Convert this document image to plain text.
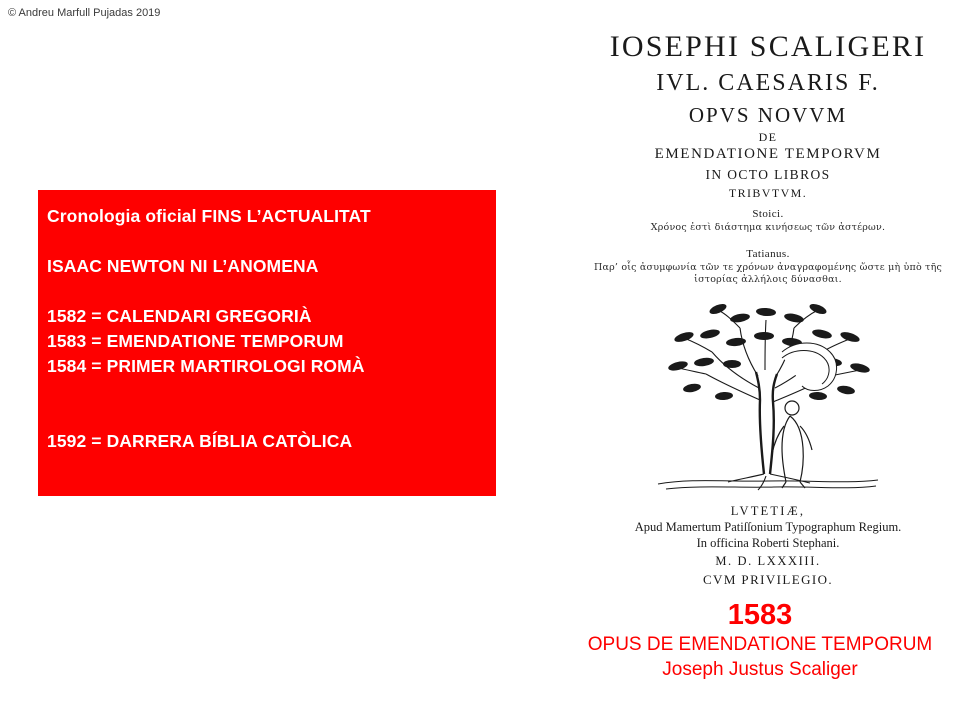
© Andreu Marfull Pujadas 2019

Cronologia oficial FINS L’ACTUALITAT

ISAAC NEWTON NI L’ANOMENA

1582 = CALENDARI GREGORIÀ

1583 = EMENDATIONE TEMPORUM

1584 = PRIMER MARTIROLOGI ROMÀ

1592 = DARRERA BÍBLIA CATÒLICA

IOSEPHI SCALIGERI
IVL. CAESARIS F.
OPVS NOVVM
DE
EMENDATIONE TEMPORVM
IN OCTO LIBROS
TRIBVTVM.
Stoici.
Χρόνος ἐστὶ διάστημα κινήσεως τῶν ἀστέρων.
Tatianus.
Παρ’ οἷς ἀσυμφωνία τῶν τε χρόνων ἀναγραφομένης ὥστε μὴ ὑπὸ τῆς ἱστορίας ἀλλήλοις δύνασθαι.
LVTETIÆ,
Apud Mamertum Patiſſonium Typographum Regium.
In officina Roberti Stephani.
M. D. LXXXIII.
CVM PRIVILEGIO.
1583
OPUS DE EMENDATIONE TEMPORUM
Joseph Justus Scaliger
